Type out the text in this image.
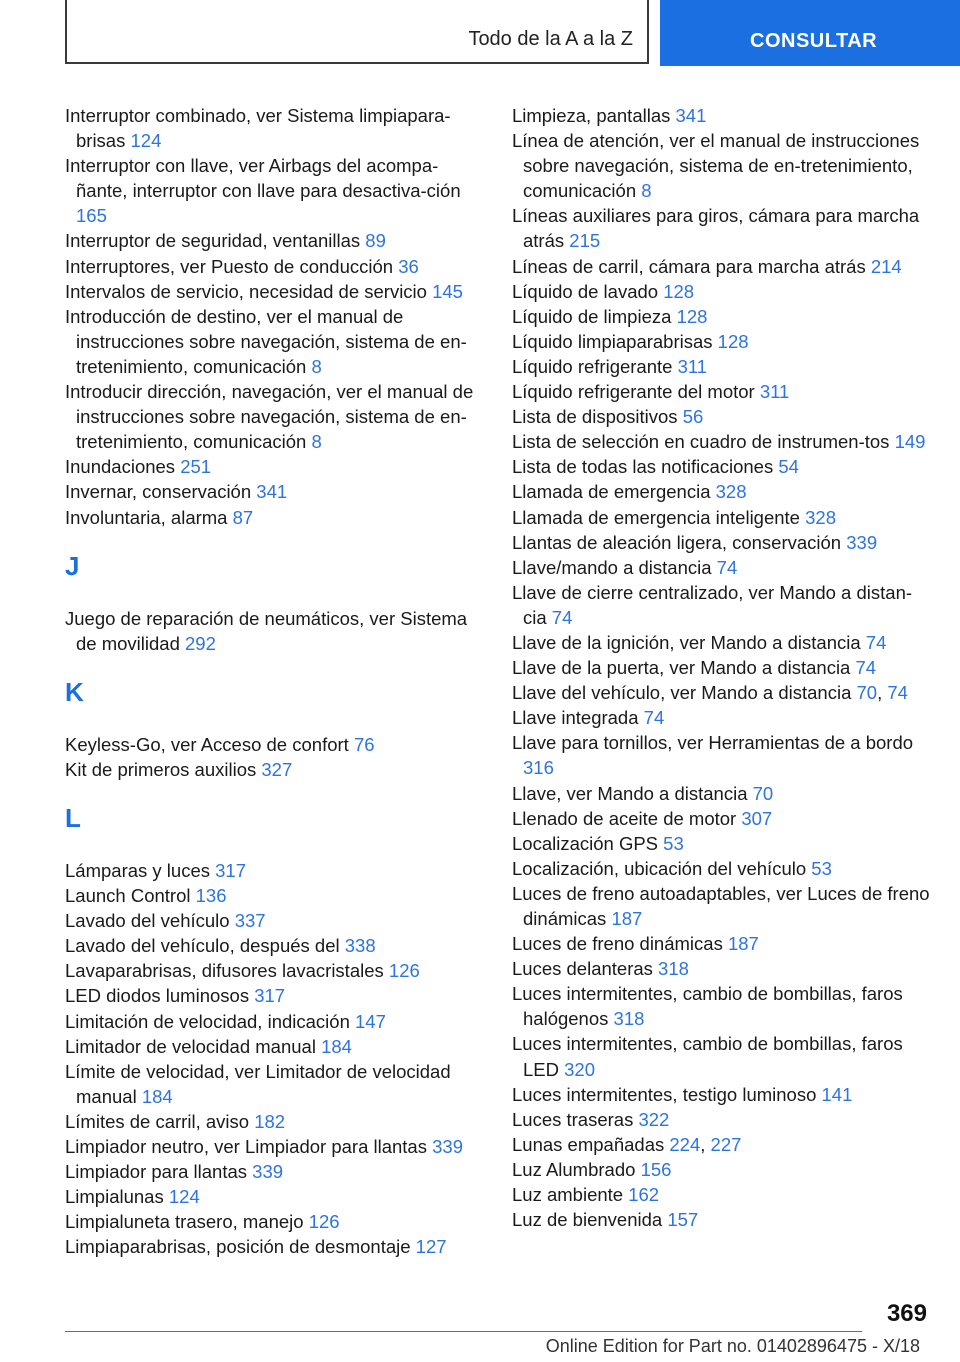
Todo de la A a la Z	CONSULTAR
Interruptor combinado, ver Sistema limpiapara‐brisas 124
Interruptor con llave, ver Airbags del acompa‐ñante, interruptor con llave para desactiva‐ción 165
Interruptor de seguridad, ventanillas 89
Interruptores, ver Puesto de conducción 36
Intervalos de servicio, necesidad de servicio 145
Introducción de destino, ver el manual de instrucciones sobre navegación, sistema de en‐tretenimiento, comunicación 8
Introducir dirección, navegación, ver el manual de instrucciones sobre navegación, sistema de en‐tretenimiento, comunicación 8
Inundaciones 251
Invernar, conservación 341
Involuntaria, alarma 87
J
Juego de reparación de neumáticos, ver Sistema de movilidad 292
K
Keyless-Go, ver Acceso de confort 76
Kit de primeros auxilios 327
L
Lámparas y luces 317
Launch Control 136
Lavado del vehículo 337
Lavado del vehículo, después del 338
Lavaparabrisas, difusores lavacristales 126
LED diodos luminosos 317
Limitación de velocidad, indicación 147
Limitador de velocidad manual 184
Límite de velocidad, ver Limitador de velocidad manual 184
Límites de carril, aviso 182
Limpiador neutro, ver Limpiador para llantas 339
Limpiador para llantas 339
Limpialunas 124
Limpialuneta trasero, manejo 126
Limpiaparabrisas, posición de desmontaje 127
Limpieza, pantallas 341
Línea de atención, ver el manual de instrucciones sobre navegación, sistema de en‐tretenimiento, comunicación 8
Líneas auxiliares para giros, cámara para marcha atrás 215
Líneas de carril, cámara para marcha atrás 214
Líquido de lavado 128
Líquido de limpieza 128
Líquido limpiaparabrisas 128
Líquido refrigerante 311
Líquido refrigerante del motor 311
Lista de dispositivos 56
Lista de selección en cuadro de instrumen‐tos 149
Lista de todas las notificaciones 54
Llamada de emergencia 328
Llamada de emergencia inteligente 328
Llantas de aleación ligera, conservación 339
Llave/mando a distancia 74
Llave de cierre centralizado, ver Mando a distan‐cia 74
Llave de la ignición, ver Mando a distancia 74
Llave de la puerta, ver Mando a distancia 74
Llave del vehículo, ver Mando a distancia 70, 74
Llave integrada 74
Llave para tornillos, ver Herramientas de a bordo 316
Llave, ver Mando a distancia 70
Llenado de aceite de motor 307
Localización GPS 53
Localización, ubicación del vehículo 53
Luces de freno autoadaptables, ver Luces de freno dinámicas 187
Luces de freno dinámicas 187
Luces delanteras 318
Luces intermitentes, cambio de bombillas, faros halógenos 318
Luces intermitentes, cambio de bombillas, faros LED 320
Luces intermitentes, testigo luminoso 141
Luces traseras 322
Lunas empañadas 224, 227
Luz Alumbrado 156
Luz ambiente 162
Luz de bienvenida 157
369
Online Edition for Part no. 01402896475 - X/18
